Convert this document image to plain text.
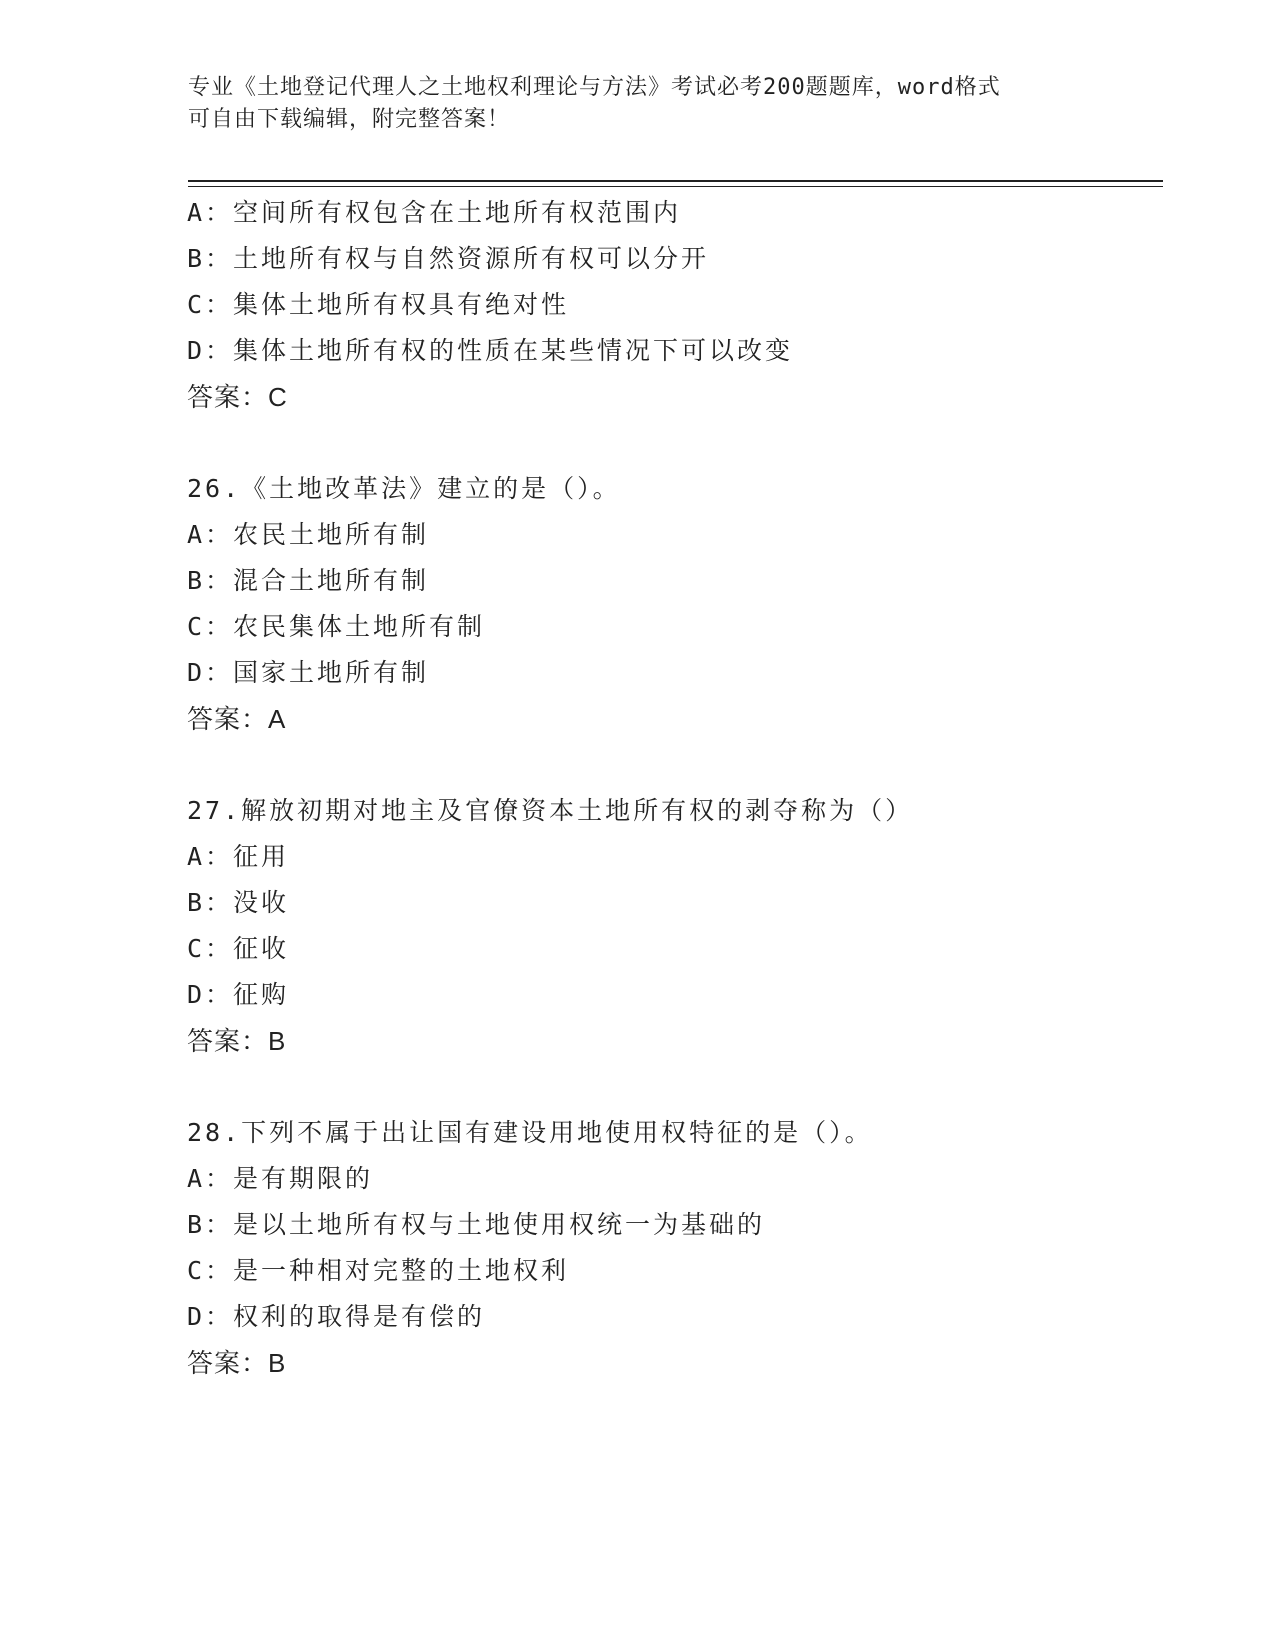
专业《土地登记代理人之土地权利理论与方法》考试必考200题题库，word格式
可自由下载编辑，附完整答案！
A：空间所有权包含在土地所有权范围内
B：土地所有权与自然资源所有权可以分开
C：集体土地所有权具有绝对性
D：集体土地所有权的性质在某些情况下可以改变
答案：C
26.《土地改革法》建立的是（）。
A：农民土地所有制
B：混合土地所有制
C：农民集体土地所有制
D：国家土地所有制
答案：A
27.解放初期对地主及官僚资本土地所有权的剥夺称为（）
A：征用
B：没收
C：征收
D：征购
答案：B
28.下列不属于出让国有建设用地使用权特征的是（）。
A：是有期限的
B：是以土地所有权与土地使用权统一为基础的
C：是一种相对完整的土地权利
D：权利的取得是有偿的
答案：B
